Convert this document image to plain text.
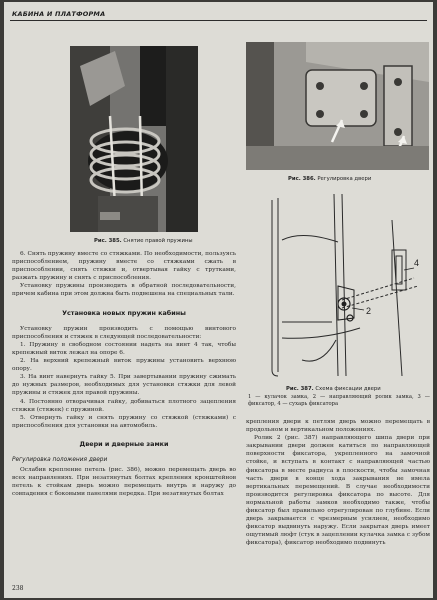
КАБИНА И ПЛАТФОРМА
Рис. 385. Снятие правой пружины
Рис. 386. Регулировка двери
2
4
Рис. 387. Схема фиксации двери
1 — кулачок замка, 2 — направляющий ролик замка, 3 — фиксатор, 4 — сухарь фиксатора

6. Снять пружину вместе со стяжками. По необходимости, пользуясь приспособлением, пружину вместе со стяжками сжать в приспособлении, снять стяжки и, отвертывая гайку с трутками, разжать пружину и снять с приспособления.

Установку пружины производить в обратной последовательности, причем кабина при этом должна быть подвешена на специальных тали.

Установка новых пружин кабины

Установку пружин производить с помощью винтового приспособления и стяжек в следующей последовательности:

1. Пружину в свободном состоянии надеть на винт 4 так, чтобы крепежный виток лежал на опоре 6.

2. На верхний крепежный виток пружины установить верхнюю опору.

3. На винт навернуть гайку 5. При завертывании пружину сжимать до нужных размеров, необходимых для установки стяжки для левой пружины и стяжек для правой пружины.

4. Постоянно отворачивая гайку, добиваться плотного зацепления стяжки (стяжек) с пружиной.

5. Отвернуть гайку и снять пружину со стяжкой (стяжками) с приспособления для установки на автомобиль.

Двери и дверные замки
Регулировка положения двери

Ослабив крепление петель (рис. 386), можно перемещать дверь во всех направлениях. При незатянутых болтах крепления кронштейнов петель к стойкам дверь можно перемещать внутрь и наружу до совпадения с боковыми панелями передка. При незатянутых болтах

крепления двери к петлям дверь можно перемещать в продольном и вертикальном положениях.

Ролик 2 (рис. 387) направляющего шипа двери при закрывании двери должен катиться по направляющей поверхности фиксатора, укрепленного на замочной стойке, и вступать в контакт с направляющей частью фиксатора в месте радиуса в плоскости, чтобы замочная часть двери в конце хода закрывания не имела вертикальных перемещений. В случае необходимости производится регулировка фиксатора по высоте. Для нормальной работы замков необходимо также, чтобы фиксатор был правильно отрегулирован по глубине. Если дверь закрывается с чрезмерным усилием, необходимо фиксатор выдвинуть наружу. Если закрытая дверь имеет ощутимый люфт (стук в зацеплении кулачка замка с зубом фиксатора), фиксатор необходимо подвинуть

238
